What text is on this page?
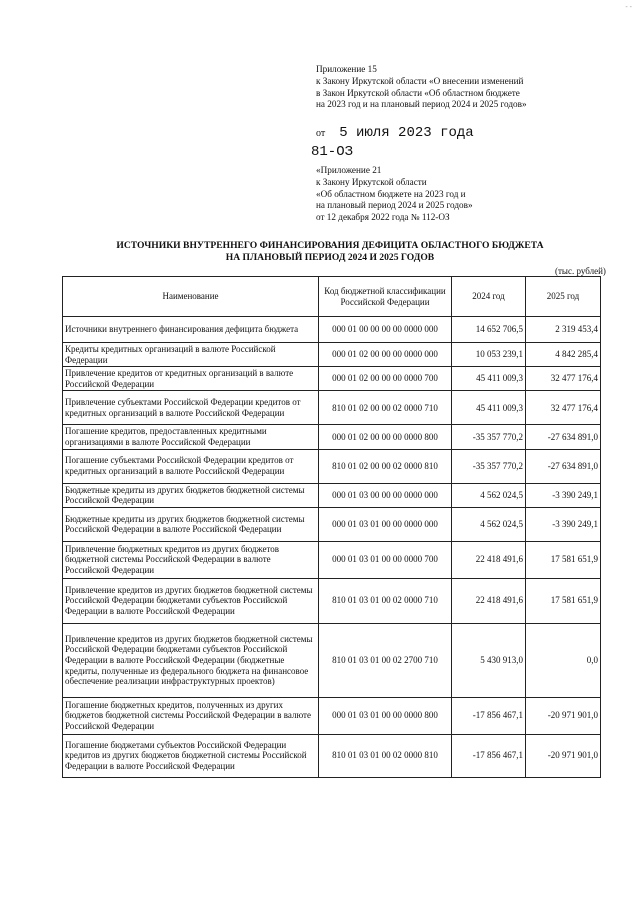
- -
Приложение 15
к Закону Иркутской области «О внесении изменений
в Закон Иркутской области «Об областном бюджете
на 2023 год и на плановый период 2024 и 2025 годов»
от 5 июля 2023 года
81-ОЗ
«Приложение 21
к Закону Иркутской области
«Об областном бюджете на 2023 год и
на плановый период 2024 и 2025 годов»
от 12 декабря 2022 года № 112-ОЗ
ИСТОЧНИКИ ВНУТРЕННЕГО ФИНАНСИРОВАНИЯ ДЕФИЦИТА ОБЛАСТНОГО БЮДЖЕТА
НА ПЛАНОВЫЙ ПЕРИОД 2024 И 2025 ГОДОВ
(тыс. рублей)
Наименование	Код бюджетной классификации Российской Федерации	2024 год	2025 год
Источники внутреннего финансирования дефицита бюджета	000 01 00 00 00 00 0000 000	14 652 706,5	2 319 453,4
Кредиты кредитных организаций в валюте Российской Федерации	000 01 02 00 00 00 0000 000	10 053 239,1	4 842 285,4
Привлечение кредитов от кредитных организаций в валюте Российской Федерации	000 01 02 00 00 00 0000 700	45 411 009,3	32 477 176,4
Привлечение субъектами Российской Федерации кредитов от кредитных организаций в валюте Российской Федерации	810 01 02 00 00 02 0000 710	45 411 009,3	32 477 176,4
Погашение кредитов, предоставленных кредитными организациями в валюте Российской Федерации	000 01 02 00 00 00 0000 800	-35 357 770,2	-27 634 891,0
Погашение субъектами Российской Федерации кредитов от кредитных организаций в валюте Российской Федерации	810 01 02 00 00 02 0000 810	-35 357 770,2	-27 634 891,0
Бюджетные кредиты из других бюджетов бюджетной системы Российской Федерации	000 01 03 00 00 00 0000 000	4 562 024,5	-3 390 249,1
Бюджетные кредиты из других бюджетов бюджетной системы Российской Федерации в валюте Российской Федерации	000 01 03 01 00 00 0000 000	4 562 024,5	-3 390 249,1
Привлечение бюджетных кредитов из других бюджетов бюджетной системы Российской Федерации в валюте Российской Федерации	000 01 03 01 00 00 0000 700	22 418 491,6	17 581 651,9
Привлечение кредитов из других бюджетов бюджетной системы Российской Федерации бюджетами субъектов Российской Федерации в валюте Российской Федерации	810 01 03 01 00 02 0000 710	22 418 491,6	17 581 651,9
Привлечение кредитов из других бюджетов бюджетной системы Российской Федерации бюджетами субъектов Российской Федерации в валюте Российской Федерации (бюджетные кредиты, полученные из федерального бюджета на финансовое обеспечение реализации инфраструктурных проектов)	810 01 03 01 00 02 2700 710	5 430 913,0	0,0
Погашение бюджетных кредитов, полученных из других бюджетов бюджетной системы Российской Федерации в валюте Российской Федерации	000 01 03 01 00 00 0000 800	-17 856 467,1	-20 971 901,0
Погашение бюджетами субъектов Российской Федерации кредитов из других бюджетов бюджетной системы Российской Федерации в валюте Российской Федерации	810 01 03 01 00 02 0000 810	-17 856 467,1	-20 971 901,0
